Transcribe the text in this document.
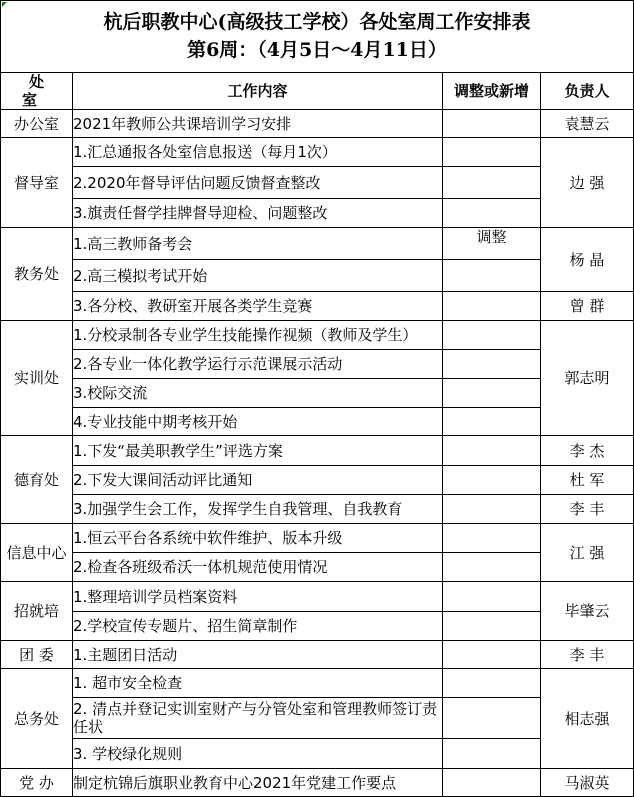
杭后职教中心(高级技工学校）各处室周工作安排表
第6周：（4月5日～4月11日）
处 室	工作内容	调整或新增	负责人
办公室	2021年教师公共课培训学习安排		袁慧云
督导室	1.汇总通报各处室信息报送（每月1次）		边 强
	2.2020年督导评估问题反馈督查整改		
	3.旗责任督学挂牌督导迎检、问题整改		
教务处	1.高三教师备考会	调整	杨 晶
	2.高三模拟考试开始		
	3.各分校、教研室开展各类学生竞赛		曾 群
实训处	1.分校录制各专业学生技能操作视频（教师及学生）		郭志明
	2.各专业一体化教学运行示范课展示活动		
	3.校际交流		
	4.专业技能中期考核开始		
德育处	1.下发“最美职教学生”评选方案		李 杰
	2.下发大课间活动评比通知		杜 军
	3.加强学生会工作，发挥学生自我管理、自我教育		李 丰
信息中心	1.恒云平台各系统中软件维护、版本升级		江 强
	2.检查各班级希沃一体机规范使用情况		
招就培	1.整理培训学员档案资料		毕肇云
	2.学校宣传专题片、招生简章制作		
团 委	1.主题团日活动		李 丰
总务处	1. 超市安全检查		相志强
	2. 清点并登记实训室财产与分管处室和管理教师签订责任状		
	3. 学校绿化规则		
党 办	制定杭锦后旗职业教育中心2021年党建工作要点		马淑英
